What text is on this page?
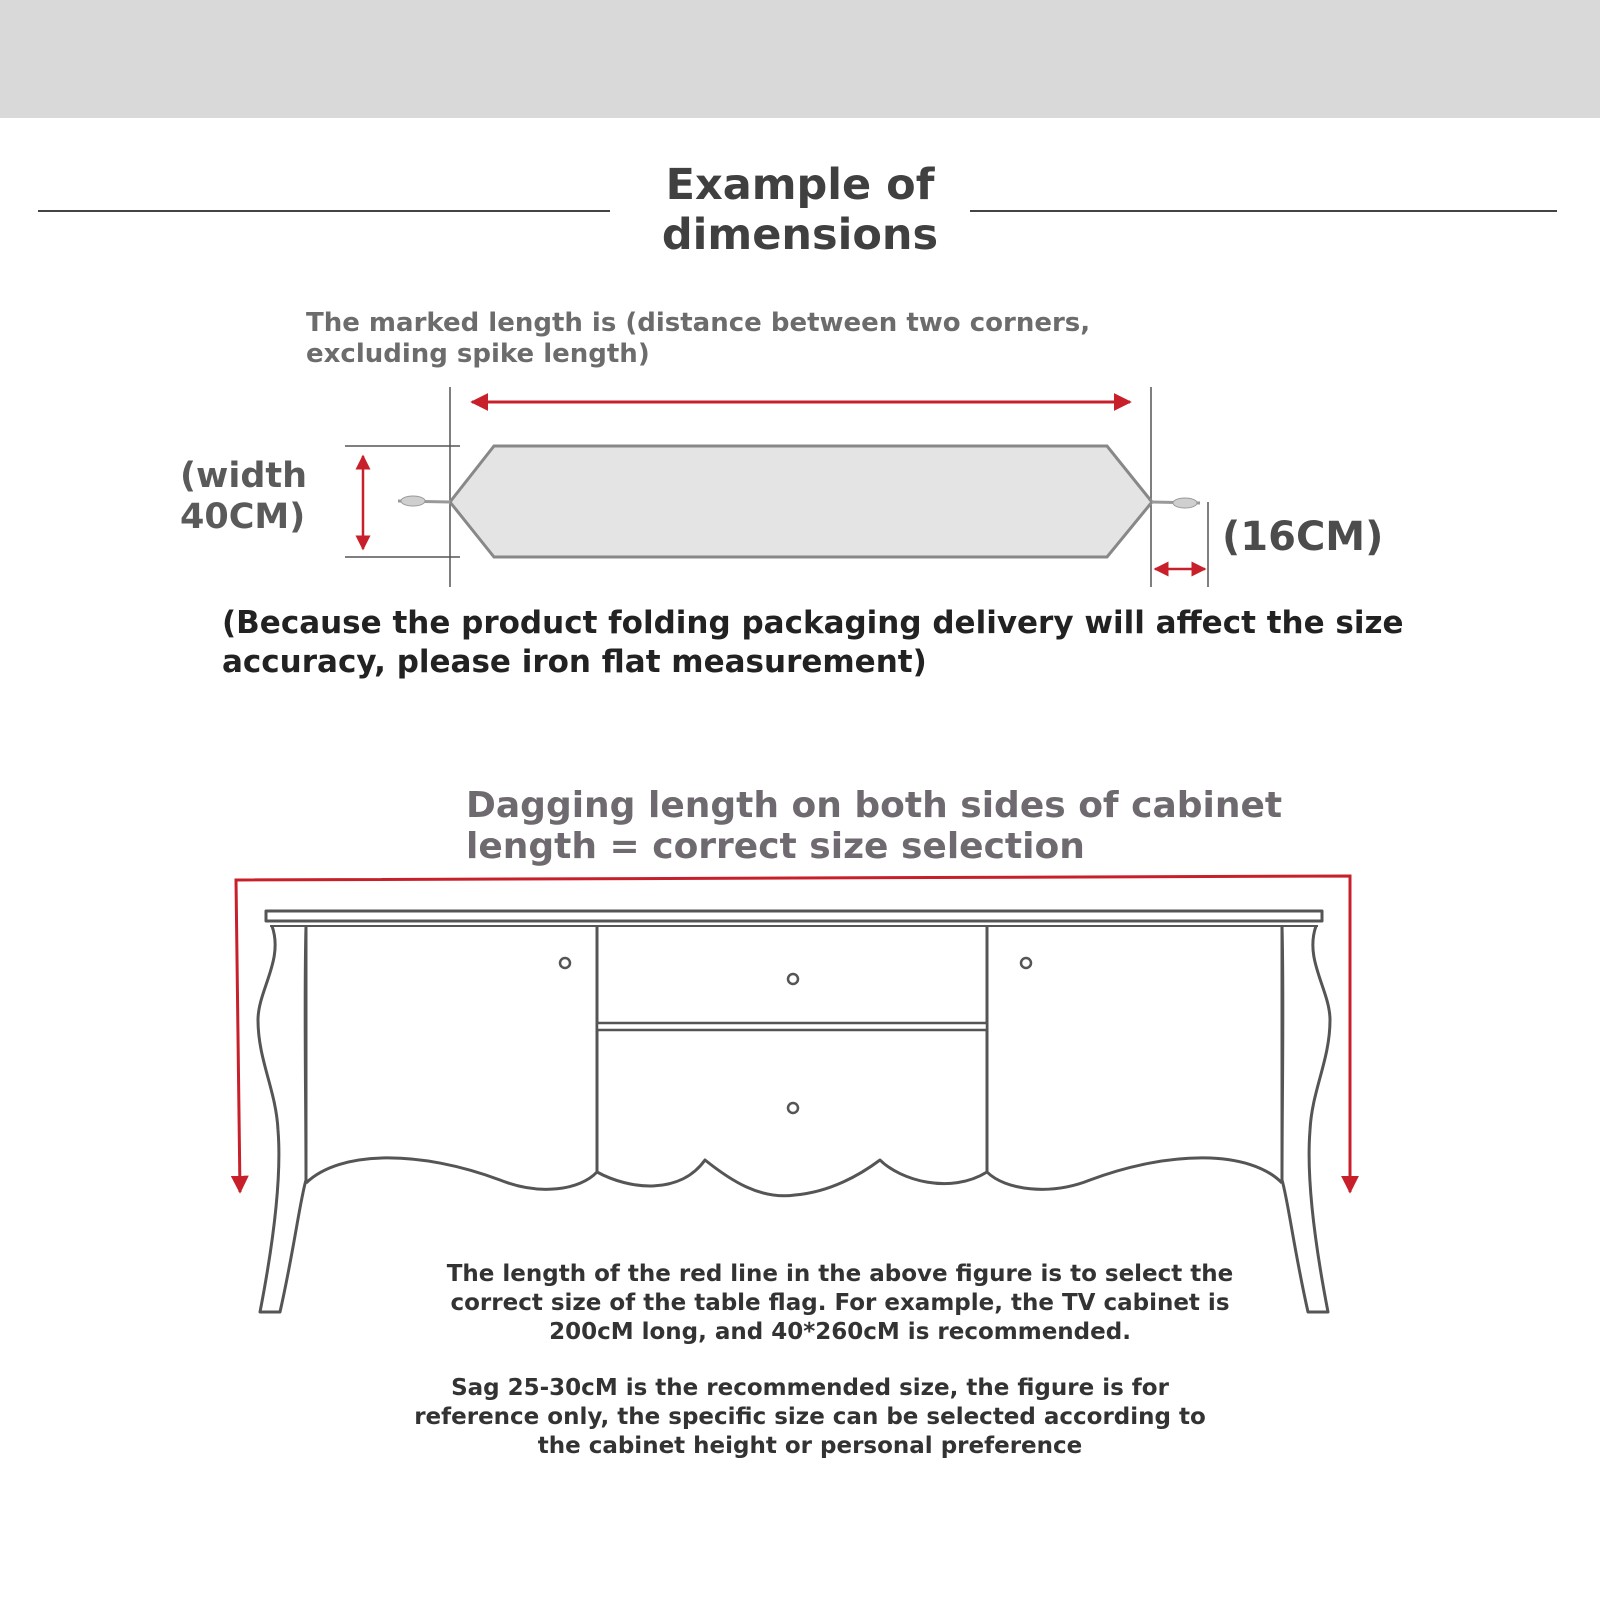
Example of dimensions
The marked length is (distance between two corners, excluding spike length)
(width 40CM)	(16CM)
(Because the product folding packaging delivery will affect the size accuracy, please iron flat measurement)
Dagging length on both sides of cabinet length = correct size selection
The length of the red line in the above figure is to select the correct size of the table flag. For example, the TV cabinet is 200cM long, and 40*260cM is recommended.
Sag 25-30cM is the recommended size, the figure is for reference only, the specific size can be selected according to the cabinet height or personal preference
